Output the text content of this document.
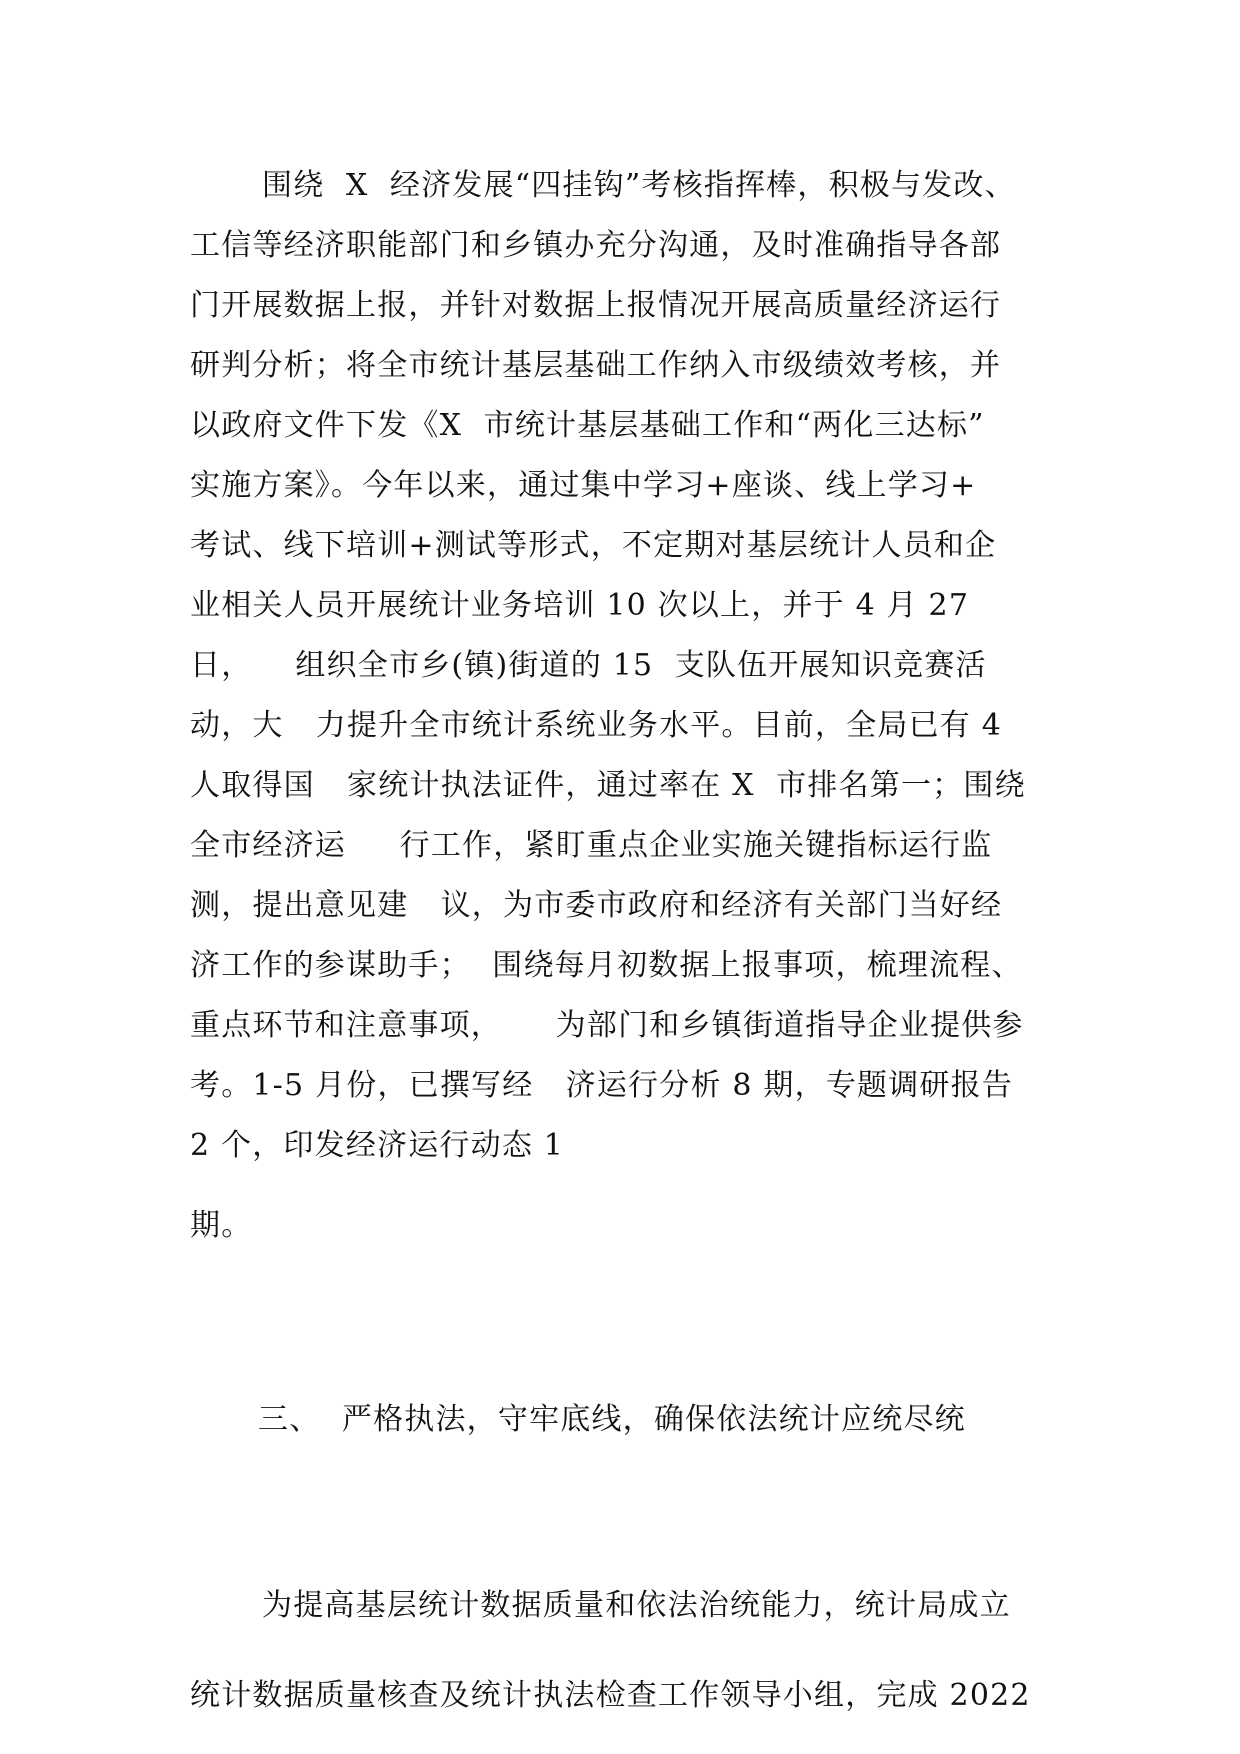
围绕  X  经济发展“四挂钩”考核指挥棒，积极与发改、
工信等经济职能部门和乡镇办充分沟通，及时准确指导各部
门开展数据上报，并针对数据上报情况开展高质量经济运行
研判分析；将全市统计基层基础工作纳入市级绩效考核，并
以政府文件下发《X  市统计基层基础工作和“两化三达标”
实施方案》。今年以来，通过集中学习+座谈、线上学习+
考试、线下培训+测试等形式，不定期对基层统计人员和企
业相关人员开展统计业务培训 10 次以上，并于 4 月 27
日，    组织全市乡(镇)街道的 15  支队伍开展知识竞赛活
动，大   力提升全市统计系统业务水平。目前，全局已有 4
人取得国   家统计执法证件，通过率在 X  市排名第一；围绕
全市经济运     行工作，紧盯重点企业实施关键指标运行监
测，提出意见建   议，为市委市政府和经济有关部门当好经
济工作的参谋助手；  围绕每月初数据上报事项，梳理流程、
重点环节和注意事项，     为部门和乡镇街道指导企业提供参
考。1-5 月份，已撰写经   济运行分析 8 期，专题调研报告
2 个，印发经济运行动态 1
期。
三、  严格执法，守牢底线，确保依法统计应统尽统
为提高基层统计数据质量和依法治统能力，统计局成立
统计数据质量核查及统计执法检查工作领导小组，完成 2022
